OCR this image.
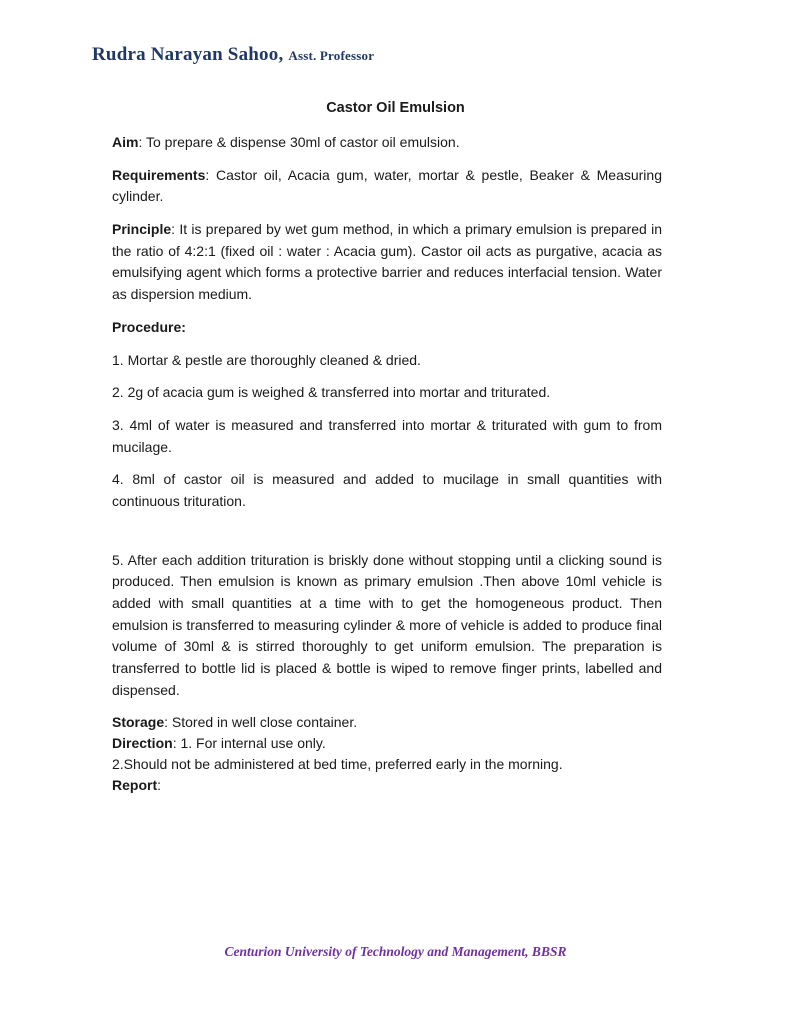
Rudra Narayan Sahoo, Asst. Professor
Castor Oil Emulsion

Aim: To prepare & dispense 30ml of castor oil emulsion.

Requirements: Castor oil, Acacia gum, water, mortar & pestle, Beaker & Measuring cylinder.

Principle: It is prepared by wet gum method, in which a primary emulsion is prepared in the ratio of 4:2:1 (fixed oil : water : Acacia gum). Castor oil acts as purgative, acacia as emulsifying agent which forms a protective barrier and reduces interfacial tension. Water as dispersion medium.

Procedure:

1. Mortar & pestle are thoroughly cleaned & dried.

2. 2g of acacia gum is weighed & transferred into mortar and triturated.

3. 4ml of water is measured and transferred into mortar & triturated with gum to from mucilage.

4. 8ml of castor oil is measured and added to mucilage in small quantities with continuous trituration.

5. After each addition trituration is briskly done without stopping until a clicking sound is produced. Then emulsion is known as primary emulsion .Then above 10ml vehicle is added with small quantities at a time with to get the homogeneous product. Then emulsion is transferred to measuring cylinder & more of vehicle is added to produce final volume of 30ml & is stirred thoroughly to get uniform emulsion. The preparation is transferred to bottle lid is placed & bottle is wiped to remove finger prints, labelled and dispensed.

Storage: Stored in well close container.

Direction: 1. For internal use only.

2.Should not be administered at bed time, preferred early in the morning.

Report:

Centurion University of Technology and Management, BBSR
